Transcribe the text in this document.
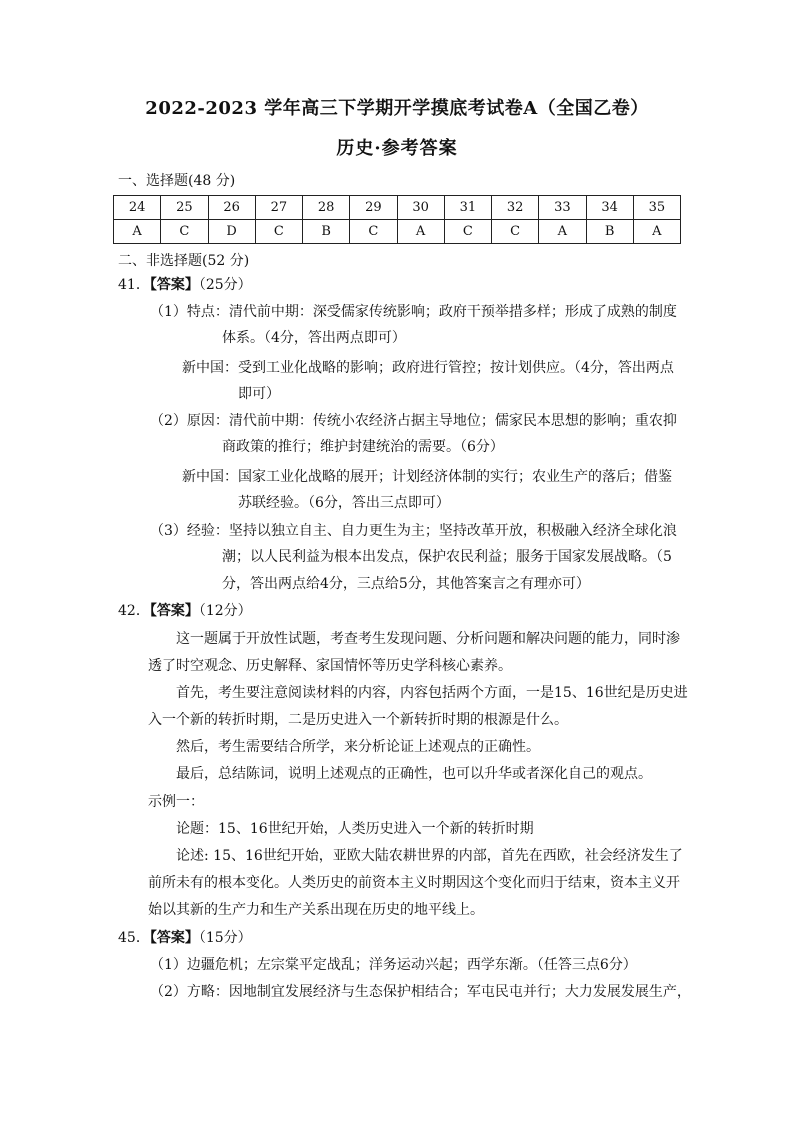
2022-2023 学年高三下学期开学摸底考试卷A（全国乙卷）
历史·参考答案
一、选择题(48 分)
24	25	26	27	28	29	30	31	32	33	34	35
A	C	D	C	B	C	A	C	C	A	B	A
二、非选择题(52 分)
41．【答案】（25分）
（1）特点：清代前中期：深受儒家传统影响；政府干预举措多样；形成了成熟的制度
体系。（4分，答出两点即可）
新中国：受到工业化战略的影响；政府进行管控；按计划供应。（4分，答出两点
即可）
（2）原因：清代前中期：传统小农经济占据主导地位；儒家民本思想的影响；重农抑
商政策的推行；维护封建统治的需要。（6分）
新中国：国家工业化战略的展开；计划经济体制的实行；农业生产的落后；借鉴
苏联经验。（6分，答出三点即可）
（3）经验：坚持以独立自主、自力更生为主；坚持改革开放，积极融入经济全球化浪
潮；以人民利益为根本出发点，保护农民利益；服务于国家发展战略。（5
分，答出两点给4分，三点给5分，其他答案言之有理亦可）
42．【答案】（12分）
这一题属于开放性试题，考查考生发现问题、分析问题和解决问题的能力，同时渗
透了时空观念、历史解释、家国情怀等历史学科核心素养。
首先，考生要注意阅读材料的内容，内容包括两个方面，一是15、16世纪是历史进
入一个新的转折时期，二是历史进入一个新转折时期的根源是什么。
然后，考生需要结合所学，来分析论证上述观点的正确性。
最后，总结陈词，说明上述观点的正确性，也可以升华或者深化自己的观点。
示例一：
论题：15、16世纪开始，人类历史进入一个新的转折时期
论述: 15、16世纪开始，亚欧大陆农耕世界的内部，首先在西欧，社会经济发生了
前所未有的根本变化。人类历史的前资本主义时期因这个变化而归于结束，资本主义开
始以其新的生产力和生产关系出现在历史的地平线上。
45．【答案】（15分）
（1）边疆危机；左宗棠平定战乱；洋务运动兴起；西学东渐。（任答三点6分）
（2）方略：因地制宜发展经济与生态保护相结合；军屯民屯并行；大力发展发展生产，
